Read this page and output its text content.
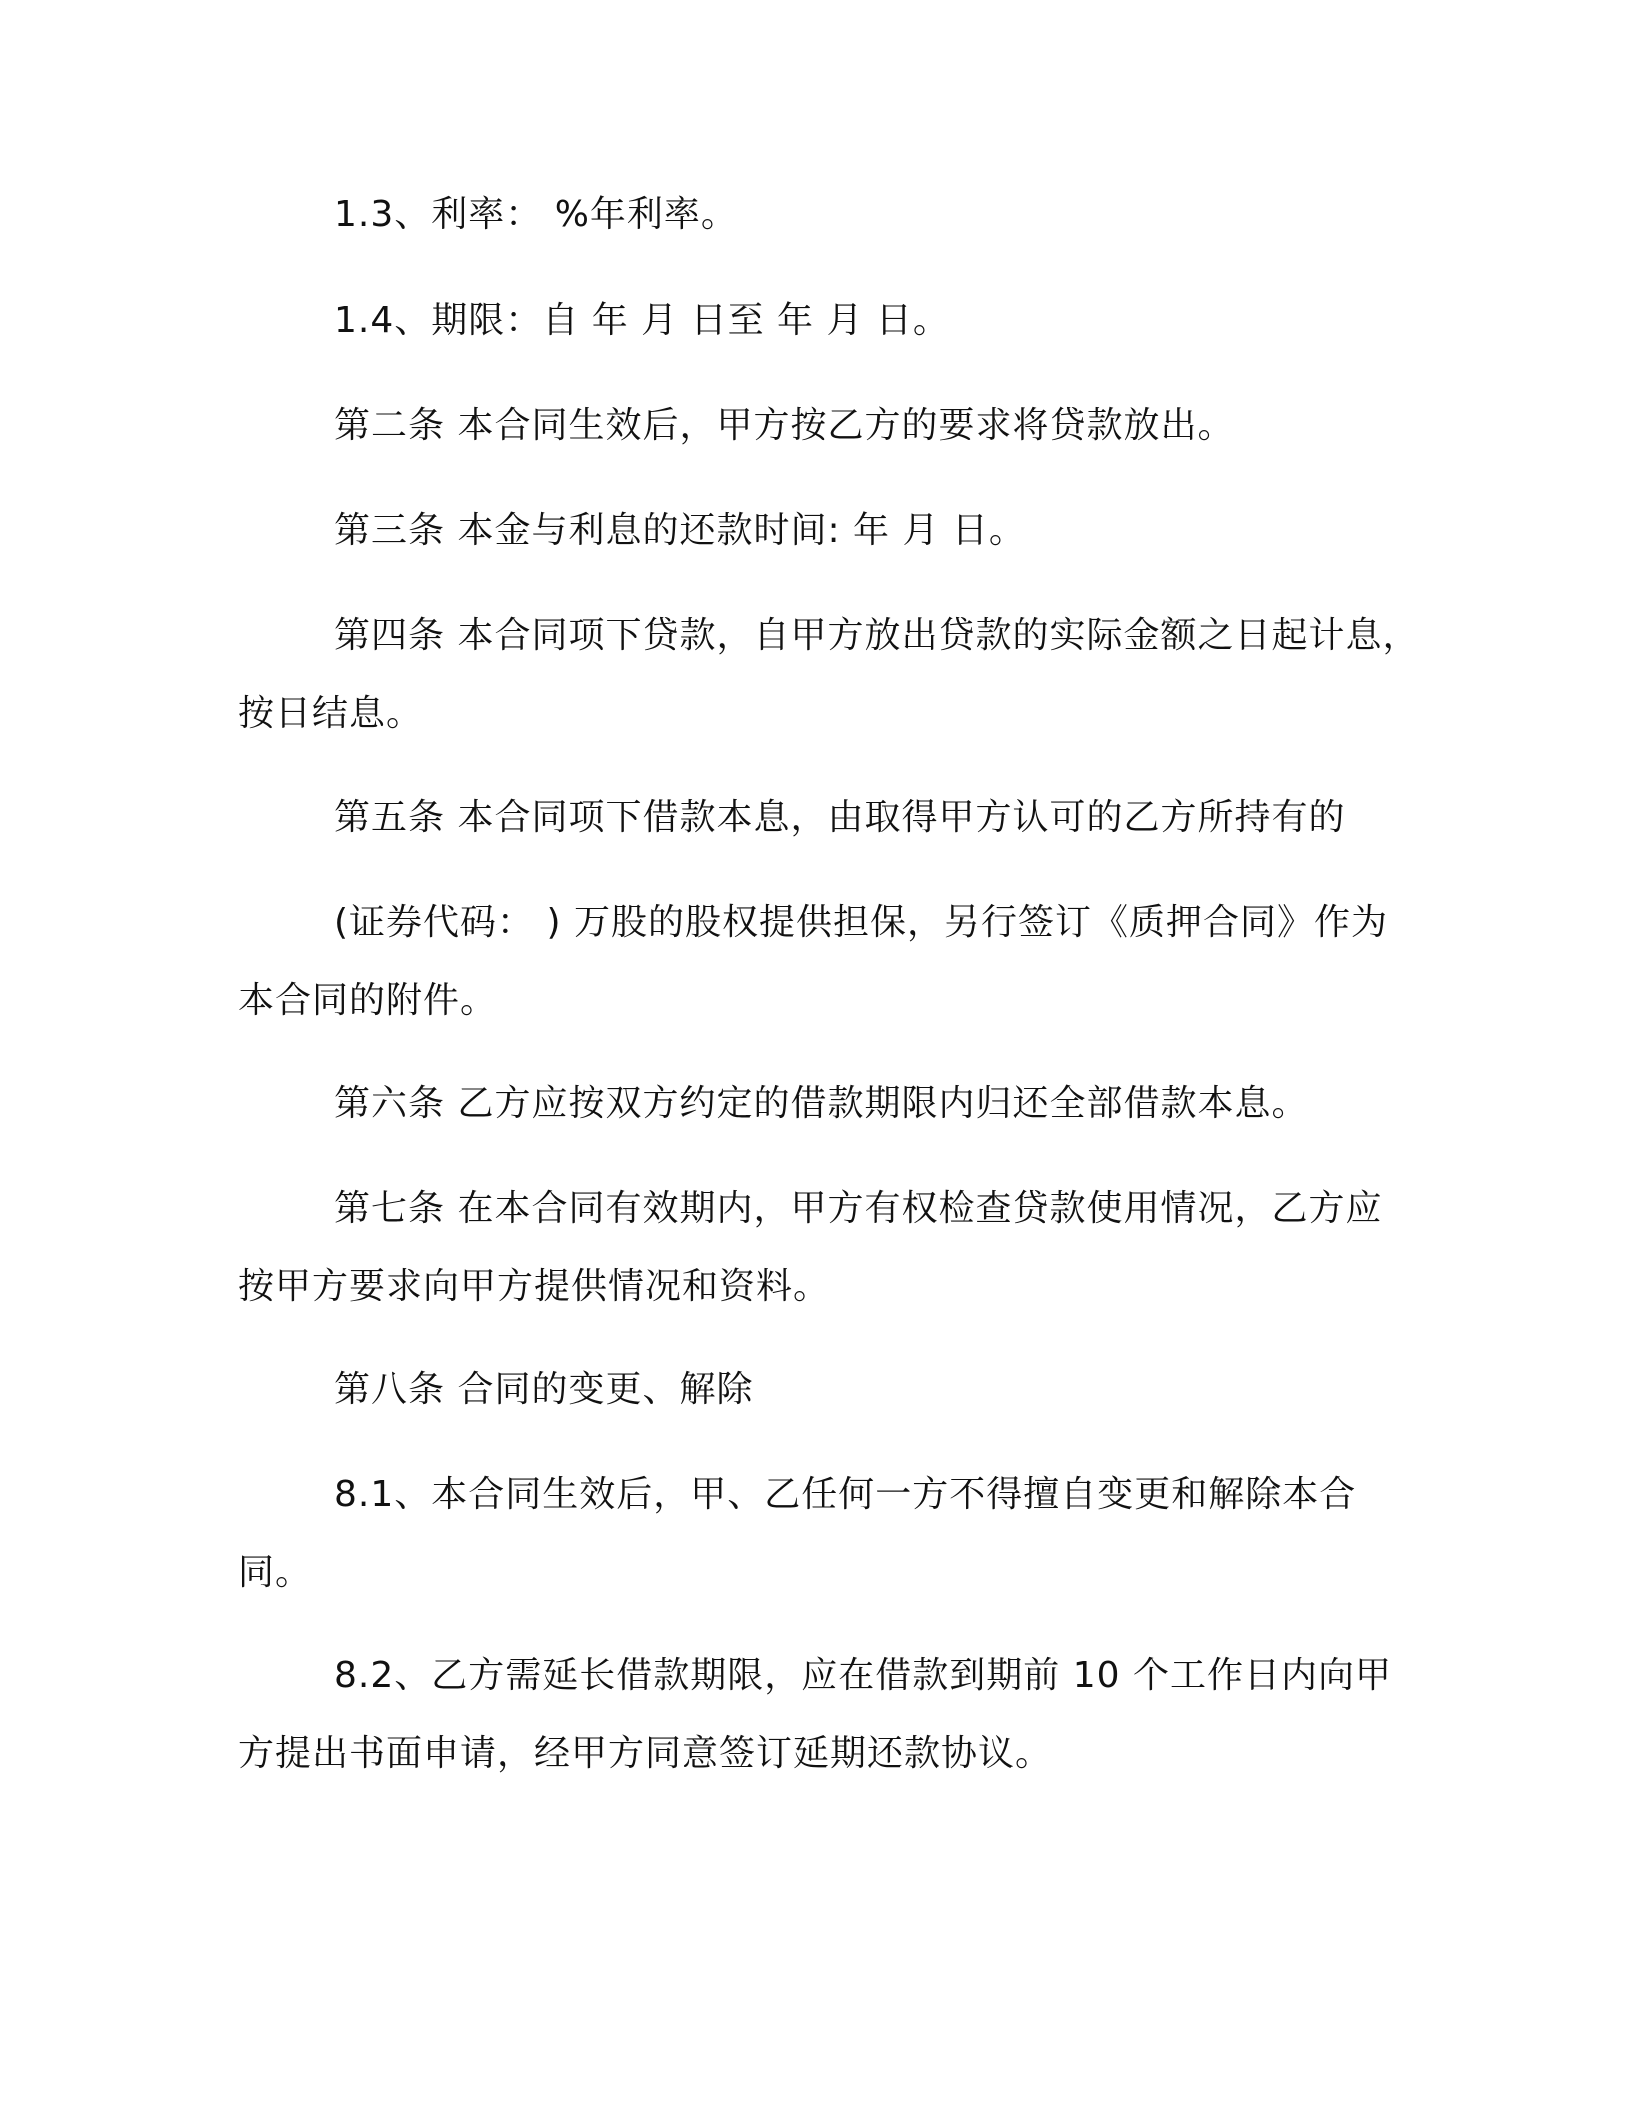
1.3、利率： %年利率。

1.4、期限：自 年 月 日至 年 月 日。

第二条 本合同生效后，甲方按乙方的要求将贷款放出。

第三条 本金与利息的还款时间: 年 月 日。

第四条 本合同项下贷款，自甲方放出贷款的实际金额之日起计息，
按日结息。

第五条 本合同项下借款本息，由取得甲方认可的乙方所持有的

(证券代码： ) 万股的股权提供担保，另行签订《质押合同》作为
本合同的附件。

第六条 乙方应按双方约定的借款期限内归还全部借款本息。

第七条 在本合同有效期内，甲方有权检查贷款使用情况，乙方应
按甲方要求向甲方提供情况和资料。

第八条 合同的变更、解除

8.1、本合同生效后，甲、乙任何一方不得擅自变更和解除本合
同。

8.2、乙方需延长借款期限，应在借款到期前 10 个工作日内向甲
方提出书面申请，经甲方同意签订延期还款协议。
